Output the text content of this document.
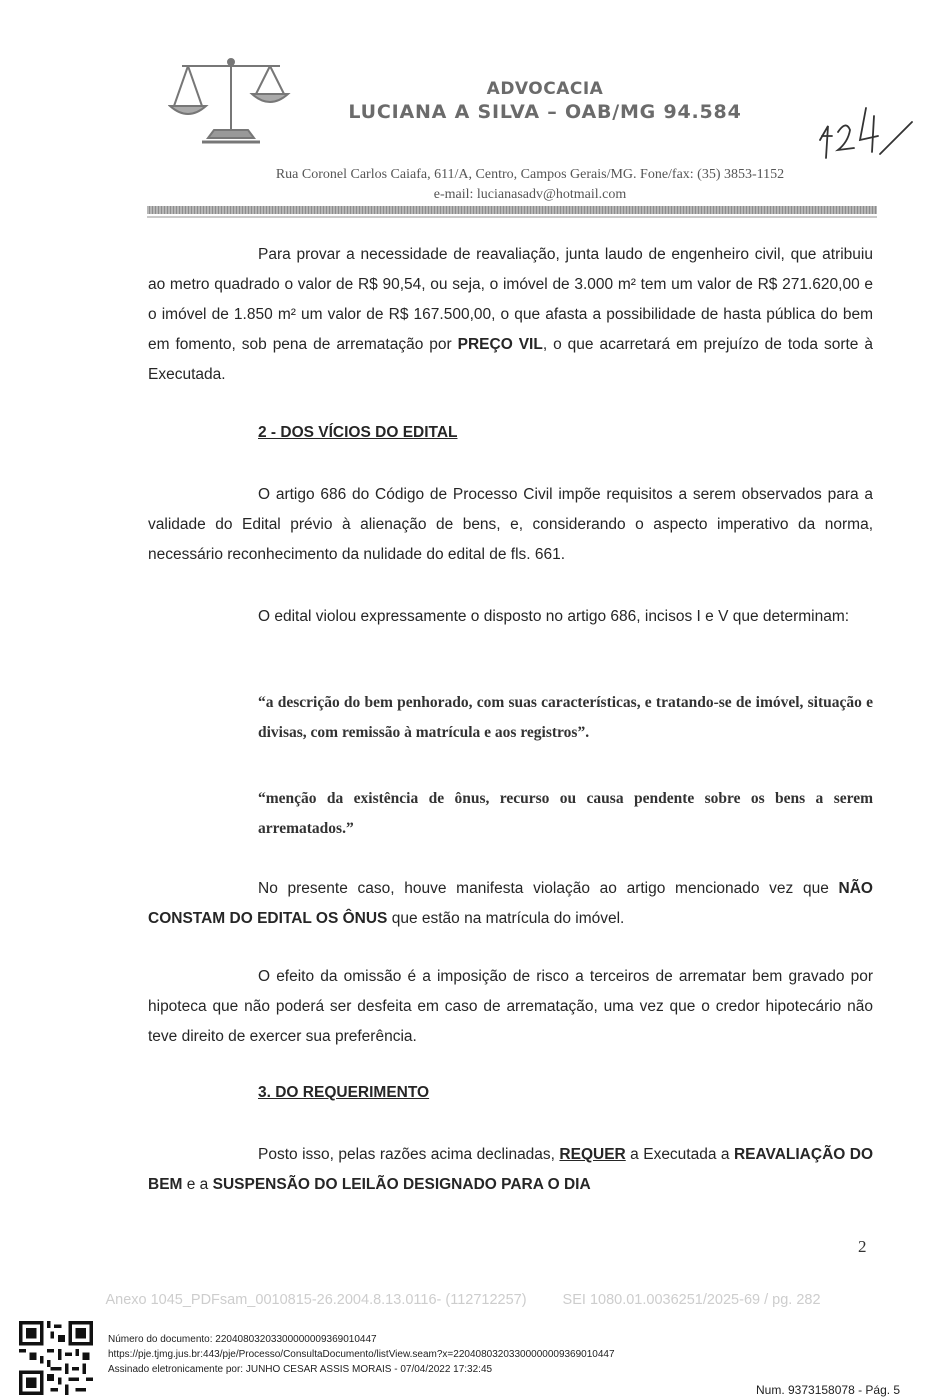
ADVOCACIA
LUCIANA A SILVA – OAB/MG 94.584
Rua Coronel Carlos Caiafa, 611/A, Centro, Campos Gerais/MG. Fone/fax: (35) 3853-1152
e-mail: lucianasadv@hotmail.com
Para provar a necessidade de reavaliação, junta laudo de engenheiro civil, que atribuiu ao metro quadrado o valor de R$ 90,54, ou seja, o imóvel de 3.000 m² tem um valor de R$ 271.620,00 e o imóvel de 1.850 m² um valor de R$ 167.500,00, o que afasta a possibilidade de hasta pública do bem em fomento, sob pena de arrematação por PREÇO VIL, o que acarretará em prejuízo de toda sorte à Executada.
2 - DOS VÍCIOS DO EDITAL
O artigo 686 do Código de Processo Civil impõe requisitos a serem observados para a validade do Edital prévio à alienação de bens, e, considerando o aspecto imperativo da norma, necessário reconhecimento da nulidade do edital de fls. 661.
O edital violou expressamente o disposto no artigo 686, incisos I e V que determinam:
“a descrição do bem penhorado, com suas características, e tratando-se de imóvel, situação e divisas, com remissão à matrícula e aos registros”.
“menção da existência de ônus, recurso ou causa pendente sobre os bens a serem arrematados.”
No presente caso, houve manifesta violação ao artigo mencionado vez que NÃO CONSTAM DO EDITAL OS ÔNUS que estão na matrícula do imóvel.
O efeito da omissão é a imposição de risco a terceiros de arrematar bem gravado por hipoteca que não poderá ser desfeita em caso de arrematação, uma vez que o credor hipotecário não teve direito de exercer sua preferência.
3. DO REQUERIMENTO
Posto isso, pelas razões acima declinadas, REQUER a Executada a REAVALIAÇÃO DO BEM e a SUSPENSÃO DO LEILÃO DESIGNADO PARA O DIA
2
Anexo 1045_PDFsam_0010815-26.2004.8.13.0116- (112712257) SEI 1080.01.0036251/2025-69 / pg. 282
Número do documento: 22040803203300000009369010447
https://pje.tjmg.jus.br:443/pje/Processo/ConsultaDocumento/listView.seam?x=22040803203300000009369010447
Assinado eletronicamente por: JUNHO CESAR ASSIS MORAIS - 07/04/2022 17:32:45
Num. 9373158078 - Pág. 5
